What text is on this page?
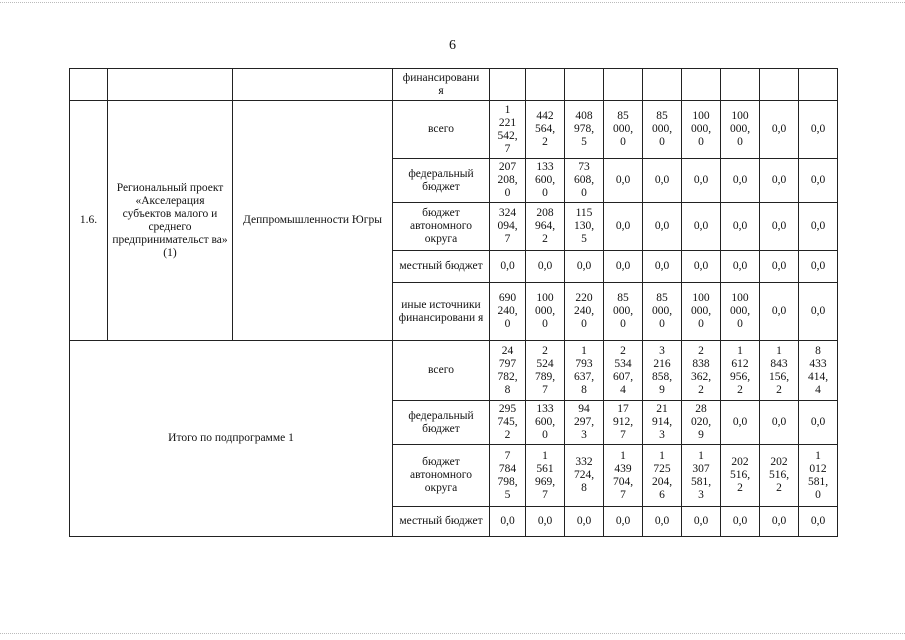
6
			финансировани
я									
1.6.	Региональный проект «Акселерация субъектов малого и среднего предпринимательст ва» (1)	Деппромышленности Югры	всего	1
221
542,
7	442
564,
2	408
978,
5	85
000,
0	85
000,
0	100
000,
0	100
000,
0	0,0	0,0
			федеральный бюджет	207
208,
0	133
600,
0	73
608,
0	0,0	0,0	0,0	0,0	0,0	0,0
			бюджет автономного округа	324
094,
7	208
964,
2	115
130,
5	0,0	0,0	0,0	0,0	0,0	0,0
			местный бюджет	0,0	0,0	0,0	0,0	0,0	0,0	0,0	0,0	0,0
			иные источники финансировани я	690
240,
0	100
000,
0	220
240,
0	85
000,
0	85
000,
0	100
000,
0	100
000,
0	0,0	0,0
Итого по подпрограмме 1			всего	24
797
782,
8	2
524
789,
7	1
793
637,
8	2
534
607,
4	3
216
858,
9	2
838
362,
2	1
612
956,
2	1
843
156,
2	8
433
414,
4
			федеральный бюджет	295
745,
2	133
600,
0	94
297,
3	17
912,
7	21
914,
3	28
020,
9	0,0	0,0	0,0
			бюджет автономного округа	7
784
798,
5	1
561
969,
7	332
724,
8	1
439
704,
7	1
725
204,
6	1
307
581,
3	202
516,
2	202
516,
2	1
012
581,
0
			местный бюджет	0,0	0,0	0,0	0,0	0,0	0,0	0,0	0,0	0,0
